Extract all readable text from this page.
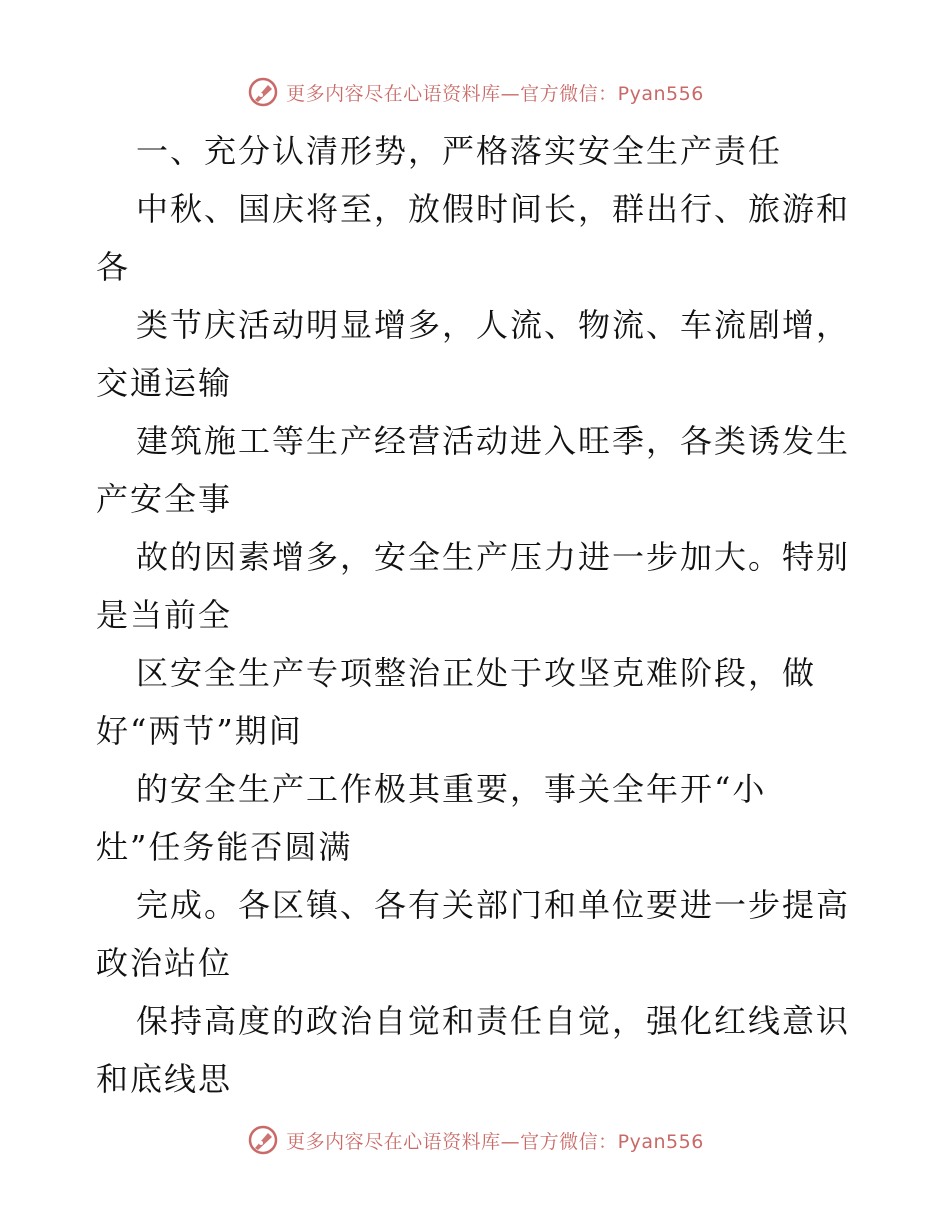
更多内容尽在心语资料库—官方微信：Pyan556
一、充分认清形势，严格落实安全生产责任
中秋、国庆将至，放假时间长，群出行、旅游和
各
类节庆活动明显增多，人流、物流、车流剧增，
交通运输
建筑施工等生产经营活动进入旺季，各类诱发生
产安全事
故的因素增多，安全生产压力进一步加大。特别
是当前全
区安全生产专项整治正处于攻坚克难阶段，做
好“两节”期间
的安全生产工作极其重要，事关全年开“小
灶”任务能否圆满
完成。各区镇、各有关部门和单位要进一步提高
政治站位
保持高度的政治自觉和责任自觉，强化红线意识
和底线思
更多内容尽在心语资料库—官方微信：Pyan556
